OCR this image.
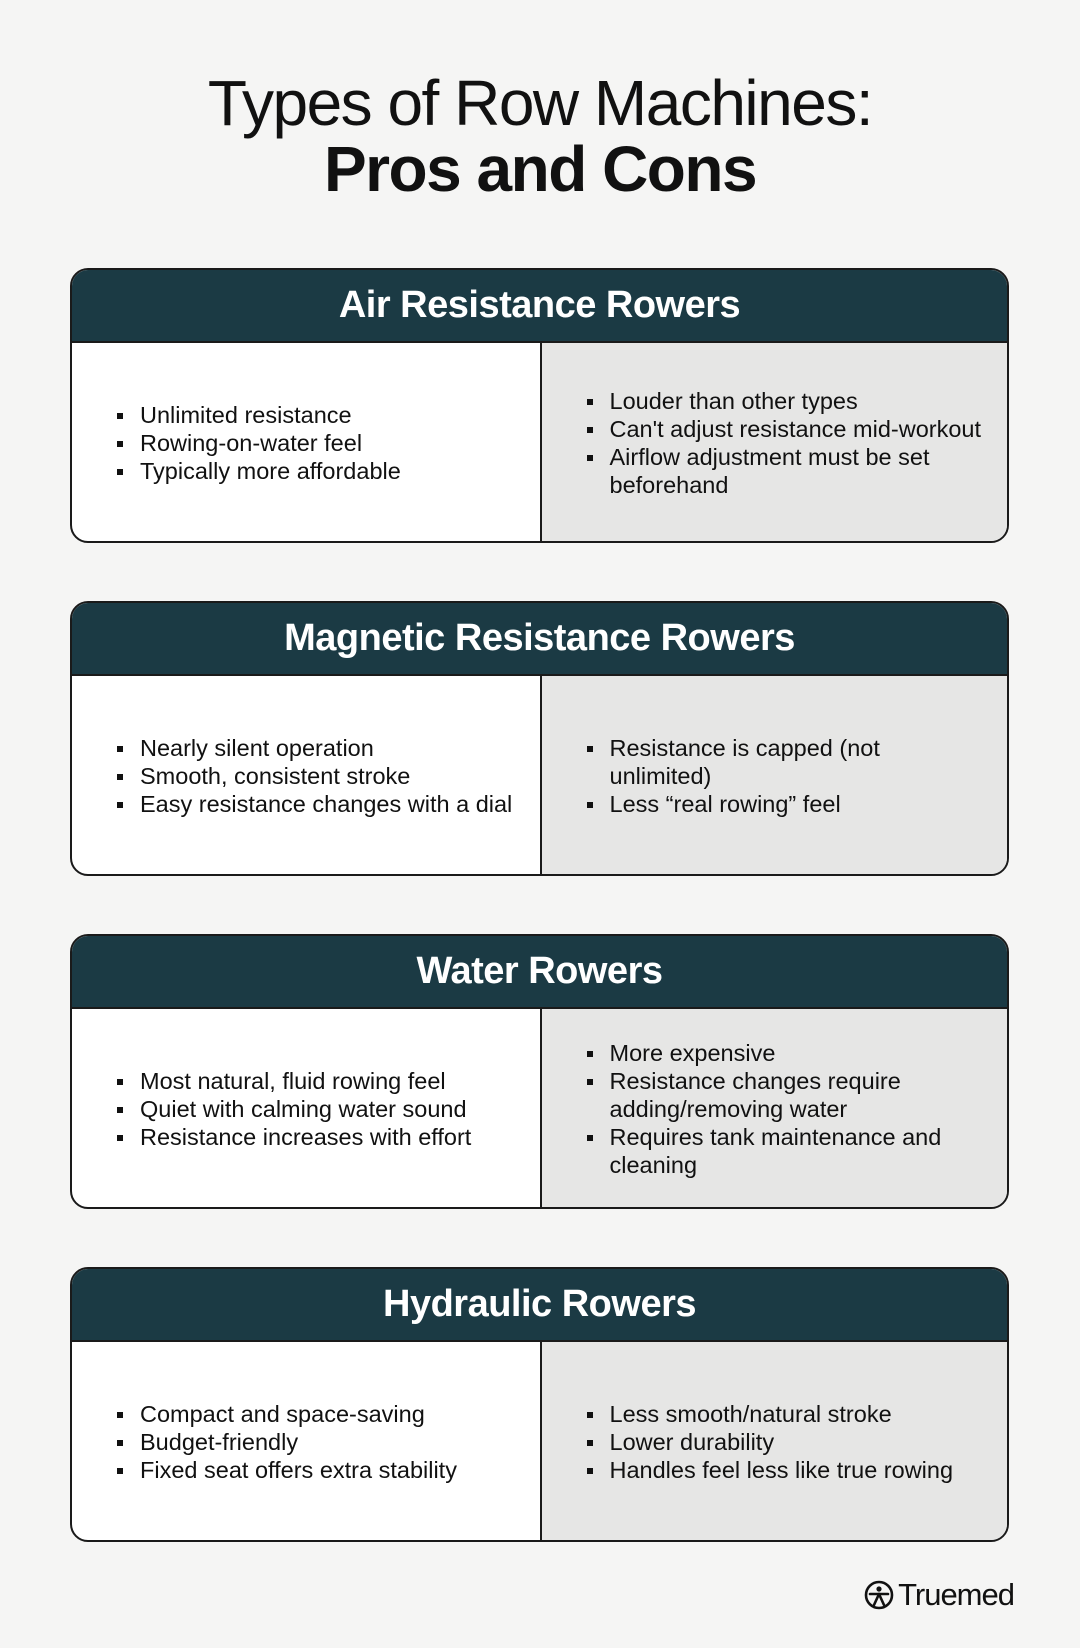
Types of Row Machines:

Pros and Cons

Air Resistance Rowers
Unlimited resistance
Rowing-on-water feel
Typically more affordable
Louder than other types
Can't adjust resistance mid-workout
Airflow adjustment must be set beforehand
Magnetic Resistance Rowers
Nearly silent operation
Smooth, consistent stroke
Easy resistance changes with a dial
Resistance is capped (not unlimited)
Less “real rowing” feel
Water Rowers
Most natural, fluid rowing feel
Quiet with calming water sound
Resistance increases with effort
More expensive
Resistance changes require adding/removing water
Requires tank maintenance and cleaning
Hydraulic Rowers
Compact and space-saving
Budget-friendly
Fixed seat offers extra stability
Less smooth/natural stroke
Lower durability
Handles feel less like true rowing
Truemed
